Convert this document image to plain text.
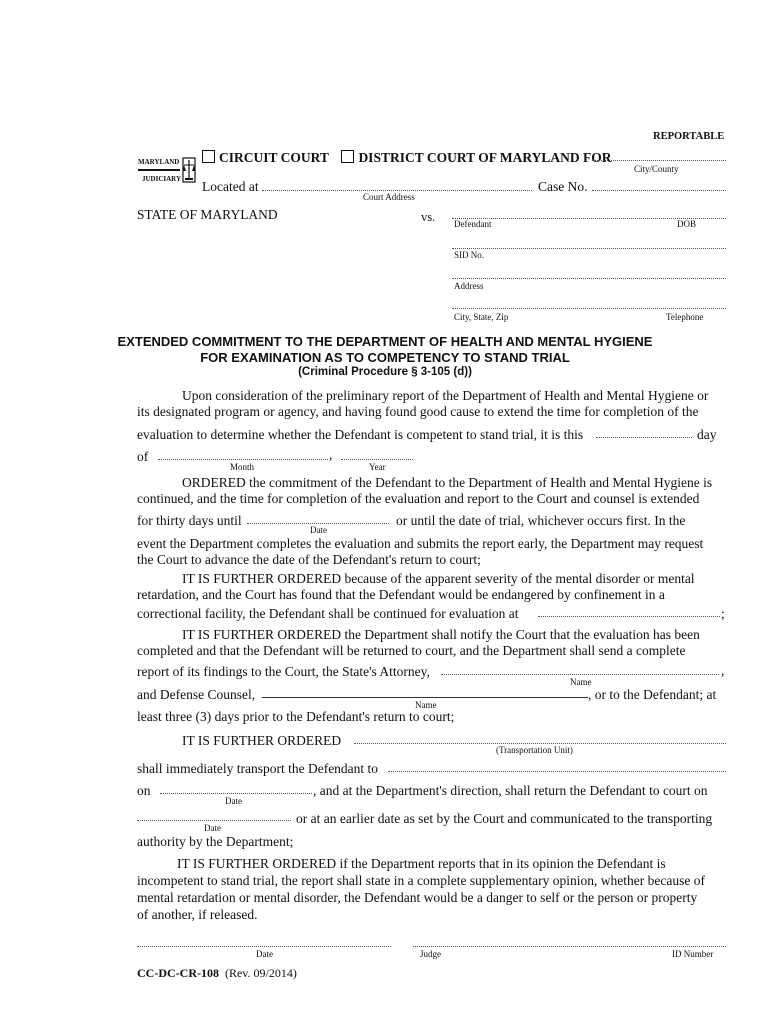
REPORTABLE
MARYLAND
JUDICIARY
CIRCUIT COURT DISTRICT COURT OF MARYLAND FOR
City/County
Located at
Court Address
Case No.
STATE OF MARYLAND	vs. Defendant	DOB
SID No.
Address
City, State, Zip	Telephone
EXTENDED COMMITMENT TO THE DEPARTMENT OF HEALTH AND MENTAL HYGIENE
FOR EXAMINATION AS TO COMPETENCY TO STAND TRIAL
(Criminal Procedure § 3-105 (d))
Upon consideration of the preliminary report of the Department of Health and Mental Hygiene or
its designated program or agency, and having found good cause to extend the time for completion of the
evaluation to determine whether the Defendant is competent to stand trial, it is this	day
of	,
Month	Year
ORDERED the commitment of the Defendant to the Department of Health and Mental Hygiene is
continued, and the time for completion of the evaluation and report to the Court and counsel is extended
for thirty days until	or until the date of trial, whichever occurs first. In the
Date
event the Department completes the evaluation and submits the report early, the Department may request
the Court to advance the date of the Defendant's return to court;
IT IS FURTHER ORDERED because of the apparent severity of the mental disorder or mental
retardation, and the Court has found that the Defendant would be endangered by confinement in a
correctional facility, the Defendant shall be continued for evaluation at	;
IT IS FURTHER ORDERED the Department shall notify the Court that the evaluation has been
completed and that the Defendant will be returned to court, and the Department shall send a complete
report of its findings to the Court, the State's Attorney,	,
Name
and Defense Counsel,	, or to the Defendant; at
Name
least three (3) days prior to the Defendant's return to court;
IT IS FURTHER ORDERED
(Transportation Unit)
shall immediately transport the Defendant to
on	, and at the Department's direction, shall return the Defendant to court on
Date
or at an earlier date as set by the Court and communicated to the transporting
Date
authority by the Department;
IT IS FURTHER ORDERED if the Department reports that in its opinion the Defendant is
incompetent to stand trial, the report shall state in a complete supplementary opinion, whether because of
mental retardation or mental disorder, the Defendant would be a danger to self or the person or property
of another, if released.
Date	Judge	ID Number
CC-DC-CR-108 (Rev. 09/2014)
